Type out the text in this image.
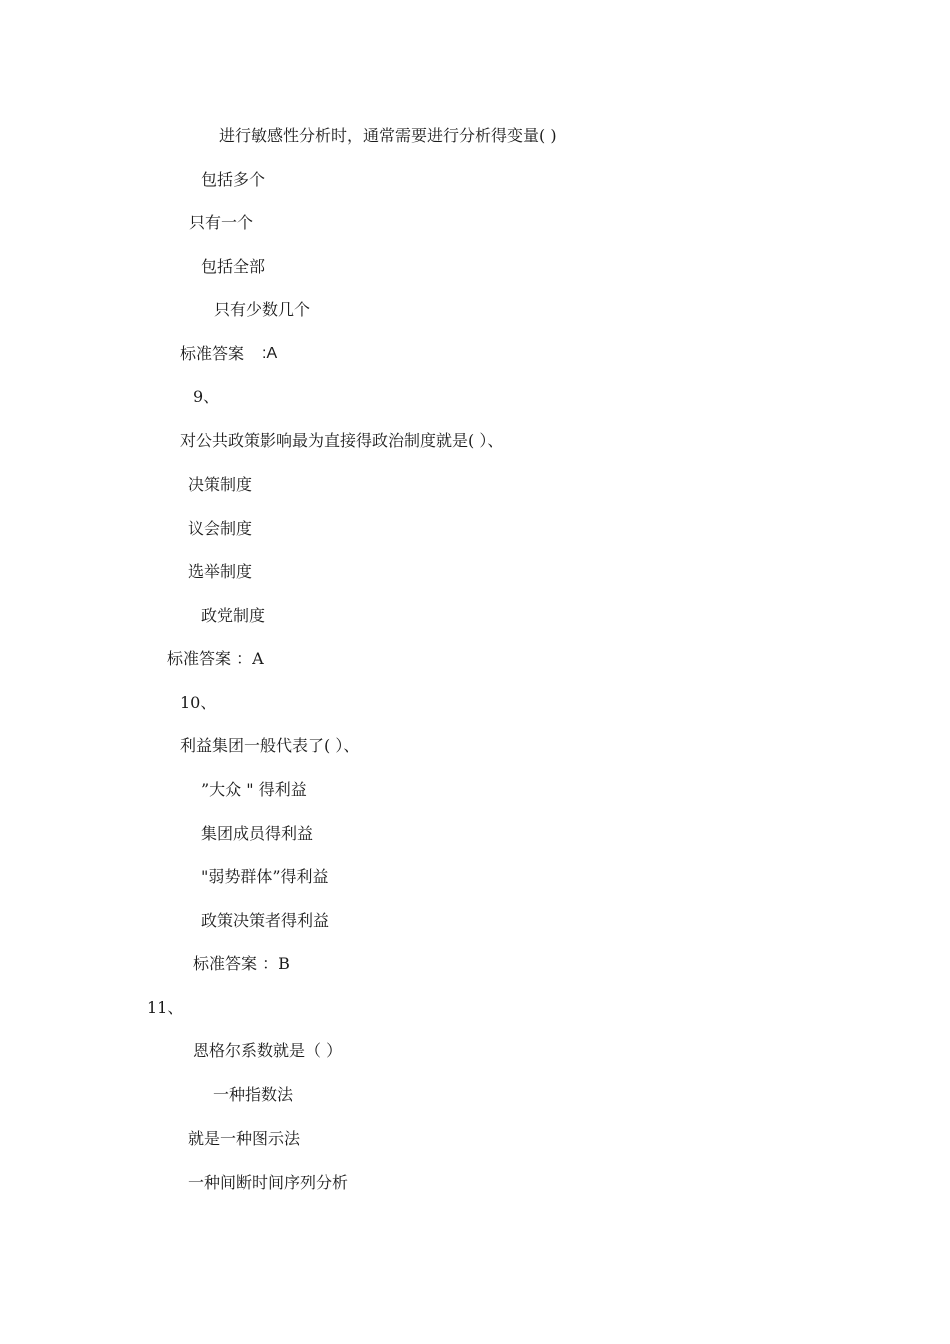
进行敏感性分析时，通常需要进行分析得变量( )
包括多个
只有一个
包括全部
只有少数几个
标准答案 :A
9、
对公共政策影响最为直接得政治制度就是( ）、
决策制度
议会制度
选举制度
政党制度
标准答案 ：A
10、
利益集团一般代表了( ）、
”大众 " 得利益
集团成员得利益
"弱势群体”得利益
政策决策者得利益
标准答案 ：B
11、
恩格尔系数就是（ ）
一种指数法
就是一种图示法
一种间断时间序列分析
